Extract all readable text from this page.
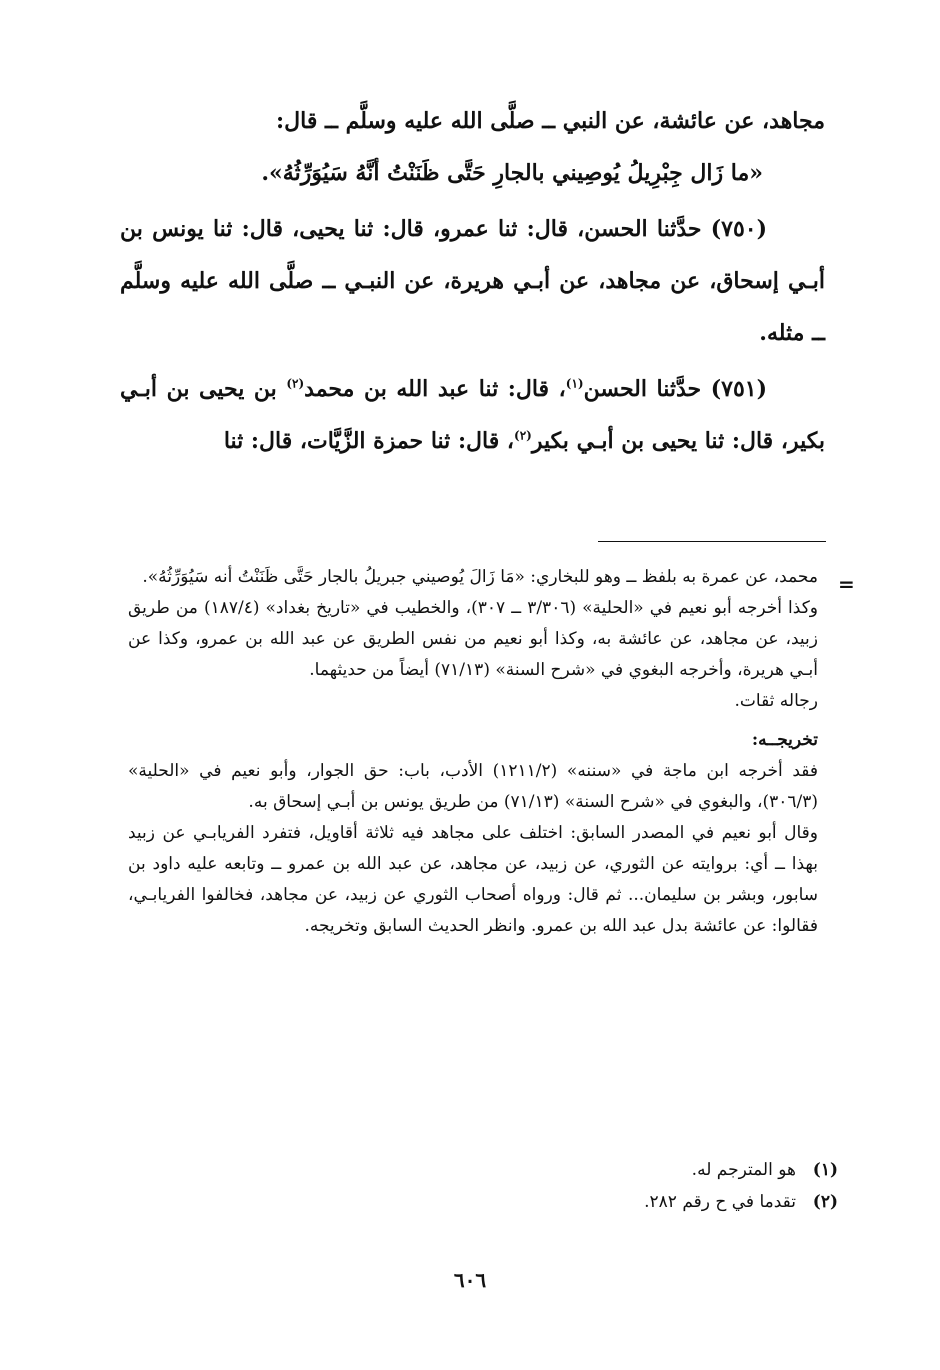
مجاهد، عن عائشة، عن النبي ــ صلَّى الله عليه وسلَّم ــ قال:

«ما زَال جِبْرِيلُ يُوصِيني بالجارِ حَتَّى ظَنَنْتُ أنَّهُ سَيُوَرِّثُهُ».

(٧٥٠) حدَّثنا الحسن، قال: ثنا عمرو، قال: ثنا يحيى، قال: ثنا يونس بن أبـي إسحاق، عن مجاهد، عن أبـي هريرة، عن النبـي ــ صلَّى الله عليه وسلَّم ــ مثله.

(٧٥١) حدَّثنا الحسن$^{(١)}$، قال: ثنا عبد الله بن محمد$^{(٢)}$ بن يحيى بن أبـي بكير، قال: ثنا يحيى بن أبـي بكير$^{(٢)}$، قال: ثنا حمزة الزَّيَّات، قال: ثنا

=

محمد، عن عمرة به بلفظ ــ وهو للبخاري: «مَا زَالَ يُوصيني جبريلُ بالجار حَتَّى ظَنَنْتُ أنه سَيُوَرِّثُهُ».

وكذا أخرجه أبو نعيم في «الحلية» (٣/٣٠٦ ــ ٣٠٧)، والخطيب في «تاريخ بغداد» (١٨٧/٤) من طريق زبيد، عن مجاهد، عن عائشة به، وكذا أبو نعيم من نفس الطريق عن عبد الله بن عمرو، وكذا عن أبـي هريرة، وأخرجه البغوي في «شرح السنة» (٧١/١٣) أيضاً من حديثهما.

رجاله ثقات.

تخريجــه:

فقد أخرجه ابن ماجة في «سننه» (١٢١١/٢) الأدب، باب: حق الجوار، وأبو نعيم في «الحلية» (٣٠٦/٣)، والبغوي في «شرح السنة» (٧١/١٣) من طريق يونس بن أبـي إسحاق به.

وقال أبو نعيم في المصدر السابق: اختلف على مجاهد فيه ثلاثة أقاويل، فتفرد الفريابـي عن زبيد بهذا ــ أي: بروايته عن الثوري، عن زبيد، عن مجاهد، عن عبد الله بن عمرو ــ وتابعه عليه داود بن سابور، وبشر بن سليمان... ثم قال: ورواه أصحاب الثوري عن زبيد، عن مجاهد، فخالفوا الفريابـي، فقالوا: عن عائشة بدل عبد الله بن عمرو. وانظر الحديث السابق وتخريجه.

(١)
هو المترجم له.
(٢)
تقدما في ح رقم ٢٨٢.
٦٠٦
